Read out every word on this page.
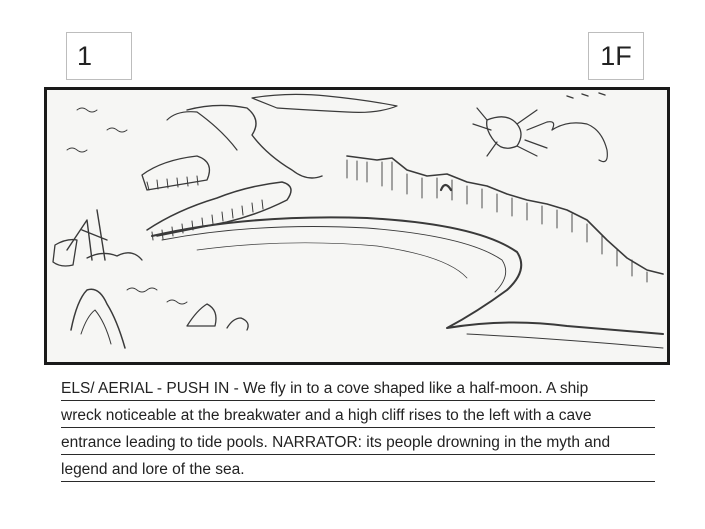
1	1F
ELS/ AERIAL - PUSH IN - We fly in to a cove shaped like a half-moon. A ship
wreck noticeable at the breakwater and a high cliff rises to the left with a cave
entrance leading to tide pools. NARRATOR: its people drowning in the myth and
legend and lore of the sea.
